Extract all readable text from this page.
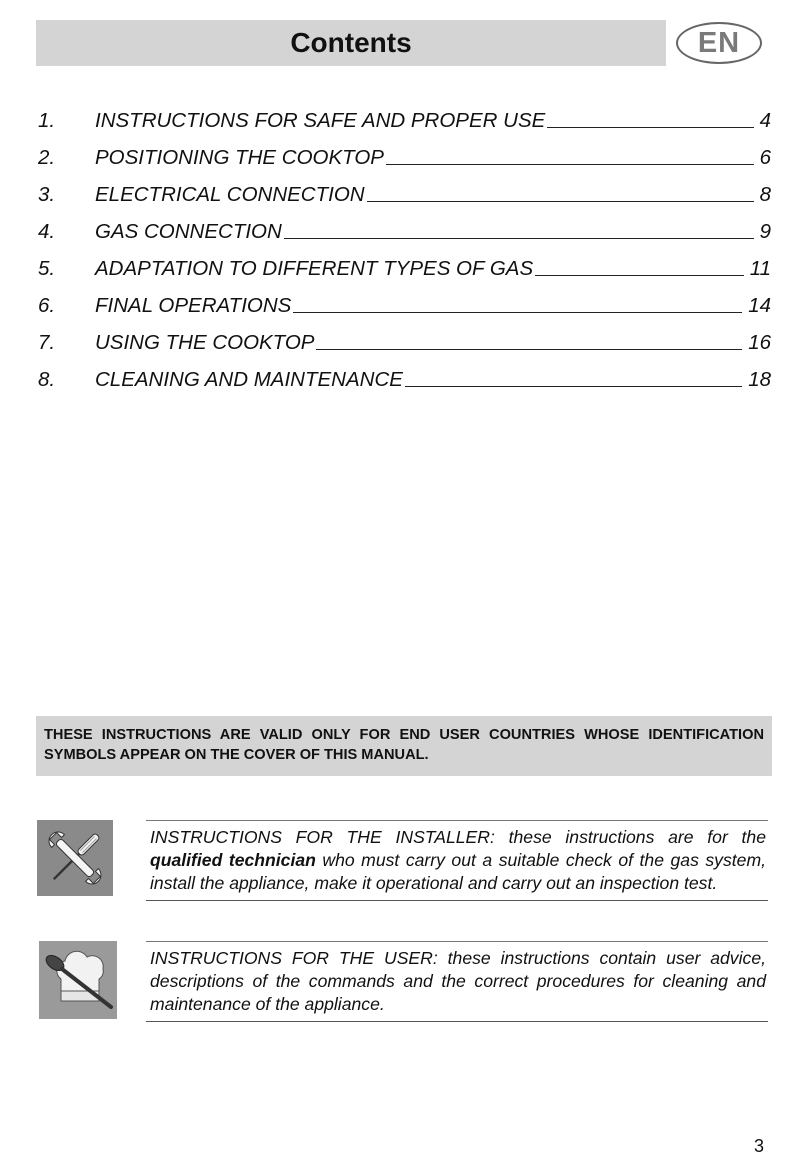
Contents	EN
1.	INSTRUCTIONS FOR SAFE AND PROPER USE	4
2.	POSITIONING THE COOKTOP	6
3.	ELECTRICAL CONNECTION	8
4.	GAS CONNECTION	9
5.	ADAPTATION TO DIFFERENT TYPES OF GAS	11
6.	FINAL OPERATIONS	14
7.	USING THE COOKTOP	16
8.	CLEANING AND MAINTENANCE	18
THESE INSTRUCTIONS ARE VALID ONLY FOR END USER COUNTRIES WHOSE IDENTIFICATION SYMBOLS APPEAR ON THE COVER OF THIS MANUAL.
INSTRUCTIONS FOR THE INSTALLER: these instructions are for the qualified technician who must carry out a suitable check of the gas system, install the appliance, make it operational and carry out an inspection test.
INSTRUCTIONS FOR THE USER: these instructions contain user advice, descriptions of the commands and the correct procedures for cleaning and maintenance of the appliance.
3
